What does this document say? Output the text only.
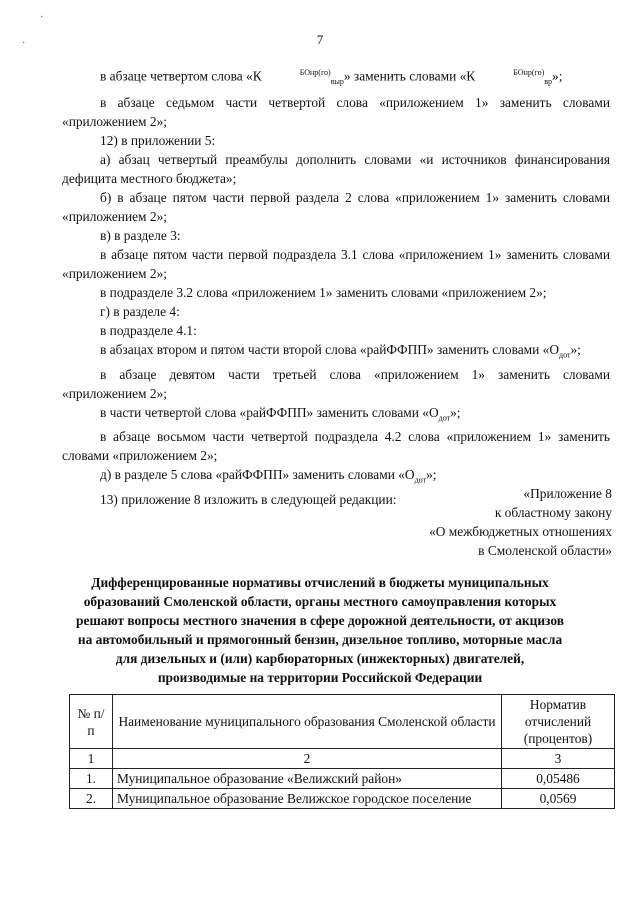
·
·	7

в абзаце четвертом слова «К	$^{БОнр(го)}_{выр}$» заменить словами «К	$^{БОнр(го)}_{вр}$»;

в абзаце седьмом части четвертой слова «приложением 1» заменить словами «приложением 2»;

12) в приложении 5:

а) абзац четвертый преамбулы дополнить словами «и источников финансирования дефицита местного бюджета»;

б) в абзаце пятом части первой раздела 2 слова «приложением 1» заменить словами «приложением 2»;

в) в разделе 3:

в абзаце пятом части первой подраздела 3.1 слова «приложением 1» заменить словами «приложением 2»;

в подразделе 3.2 слова «приложением 1» заменить словами «приложением 2»;

г) в разделе 4:

в подразделе 4.1:

в абзацах втором и пятом части второй слова «райФФПП» заменить словами «$О_{дот}$»;

в абзаце девятом части третьей слова «приложением 1» заменить словами «приложением 2»;

в части четвертой слова «райФФПП» заменить словами «$О_{дот}$»;

в абзаце восьмом части четвертой подраздела 4.2 слова «приложением 1» заменить словами «приложением 2»;

д) в разделе 5 слова «райФФПП» заменить словами «$О_{дот}$»;

13) приложение 8 изложить в следующей редакции:	«Приложение 8
к областному закону
«О межбюджетных отношениях
в Смоленской области»
Дифференцированные нормативы отчислений в бюджеты муниципальных образований Смоленской области, органы местного самоуправления которых решают вопросы местного значения в сфере дорожной деятельности, от акцизов на автомобильный и прямогонный бензин, дизельное топливо, моторные масла для дизельных и (или) карбюраторных (инжекторных) двигателей, производимые на территории Российской Федерации
№ п/п	Наименование муниципального образования Смоленской области	Норматив отчислений (процентов)
1	2	3
1.	Муниципальное образование «Велижский район»	0,05486
2.	Муниципальное образование Велижское городское поселение	0,0569
